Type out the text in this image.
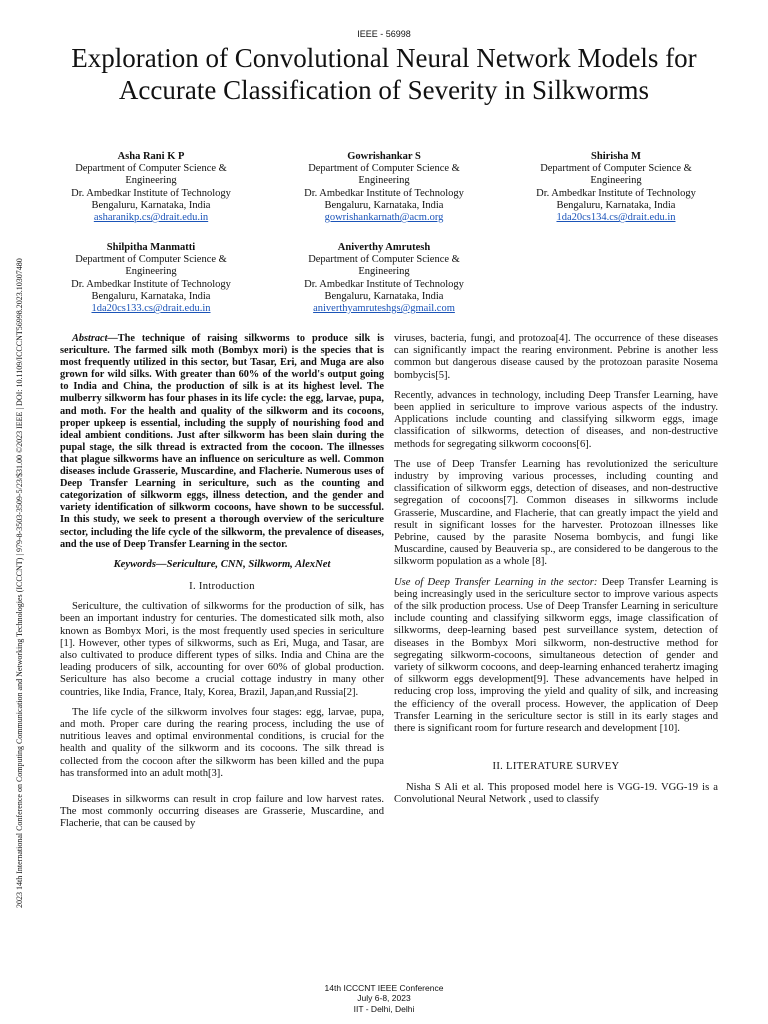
IEEE - 56998
Exploration of Convolutional Neural Network Models for Accurate Classification of Severity in Silkworms
2023 14th International Conference on Computing Communication and Networking Technologies (ICCCNT) | 979-8-3503-3509-5/23/$31.00 ©2023 IEEE | DOI: 10.1109/ICCCNT56998.2023.10307480
Asha Rani K P
Department of Computer Science &
Engineering
Dr. Ambedkar Institute of Technology
Bengaluru, Karnataka, India
asharanikp.cs@drait.edu.in
Gowrishankar S
Department of Computer Science &
Engineering
Dr. Ambedkar Institute of Technology
Bengaluru, Karnataka, India
gowrishankarnath@acm.org
Shirisha M
Department of Computer Science &
Engineering
Dr. Ambedkar Institute of Technology
Bengaluru, Karnataka, India
1da20cs134.cs@drait.edu.in
Shilpitha Manmatti
Department of Computer Science &
Engineering
Dr. Ambedkar Institute of Technology
Bengaluru, Karnataka, India
1da20cs133.cs@drait.edu.in
Aniverthy Amrutesh
Department of Computer Science &
Engineering
Dr. Ambedkar Institute of Technology
Bengaluru, Karnataka, India
aniverthyamruteshgs@gmail.com

Abstract—The technique of raising silkworms to produce silk is sericulture. The farmed silk moth (Bombyx mori) is the species that is most frequently utilized in this sector, but Tasar, Eri, and Muga are also grown for wild silks. With greater than 60% of the world's output going to India and China, the production of silk is at its highest level. The mulberry silkworm has four phases in its life cycle: the egg, larvae, pupa, and moth. For the health and quality of the silkworm and its cocoons, proper upkeep is essential, including the supply of nourishing food and ideal ambient conditions. Just after silkworm has been slain during the pupal stage, the silk thread is extracted from the cocoon. The illnesses that plague silkworms have an influence on sericulture as well. Common diseases include Grasserie, Muscardine, and Flacherie. Numerous uses of Deep Transfer Learning in sericulture, such as the counting and categorization of silkworm eggs, illness detection, and the gender and variety identification of silkworm cocoons, have shown to be successful. In this study, we seek to present a thorough overview of the sericulture sector, including the life cycle of the silkworm, the prevalence of diseases, and the use of Deep Transfer Learning in the sector.

Keywords—Sericulture, CNN, Silkworm, AlexNet

I. Introduction

Sericulture, the cultivation of silkworms for the production of silk, has been an important industry for centuries. The domesticated silk moth, also known as Bombyx Mori, is the most frequently used species in sericulture [1]. However, other types of silkworms, such as Eri, Muga, and Tasar, are also cultivated to produce different types of silks. India and China are the leading producers of silk, accounting for over 60% of global production. Sericulture has also become a crucial cottage industry in many other countries, like India, France, Italy, Korea, Brazil, Japan,and Russia[2].

The life cycle of the silkworm involves four stages: egg, larvae, pupa, and moth. Proper care during the rearing process, including the use of nutritious leaves and optimal environmental conditions, is crucial for the health and quality of the silkworm and its cocoons. The silk thread is collected from the cocoon after the silkworm has been killed and the pupa has transformed into an adult moth[3].

Diseases in silkworms can result in crop failure and low harvest rates. The most commonly occurring diseases are Grasserie, Muscardine, and Flacherie, that can be caused by

viruses, bacteria, fungi, and protozoa[4]. The occurrence of these diseases can significantly impact the rearing environment. Pebrine is another less common but dangerous disease caused by the protozoan parasite Nosema bombycis[5].

Recently, advances in technology, including Deep Transfer Learning, have been applied in sericulture to improve various aspects of the industry. Applications include counting and classifying silkworm eggs, image classification of silkworms, detection of diseases, and non-destructive methods for segregating silkworm cocoons[6].

The use of Deep Transfer Learning has revolutionized the sericulture industry by improving various processes, including counting and classification of silkworm eggs, detection of diseases, and non-destructive segregation of cocoons[7]. Common diseases in silkworms include Grasserie, Muscardine, and Flacherie, that can greatly impact the yield and result in significant losses for the harvester. Protozoan illnesses like Pebrine, caused by the parasite Nosema bombycis, and fungi like Muscardine, caused by Beauveria sp., are considered to be dangerous to the silkworm population as a whole [8].

Use of Deep Transfer Learning in the sector: Deep Transfer Learning is being increasingly used in the sericulture sector to improve various aspects of the silk production process. Use of Deep Transfer Learning in sericulture include counting and classifying silkworm eggs, image classification of silkworms, deep-learning based pest surveillance system, detection of diseases in the Bombyx Mori silkworm, non-destructive method for segregating silkworm-cocoons, simultaneous detection of gender and variety of silkworm cocoons, and deep-learning enhanced terahertz imaging of silkworm eggs development[9]. These advancements have helped in reducing crop loss, improving the yield and quality of silk, and increasing the efficiency of the overall process. However, the application of Deep Transfer Learning in the sericulture sector is still in its early stages and there is significant room for furture research and development [10].

II. LITERATURE SURVEY

Nisha S Ali et al. This proposed model here is VGG-19. VGG-19 is a Convolutional Neural Network , used to classify

14th ICCCNT IEEE Conference
July 6-8, 2023
IIT - Delhi, Delhi
